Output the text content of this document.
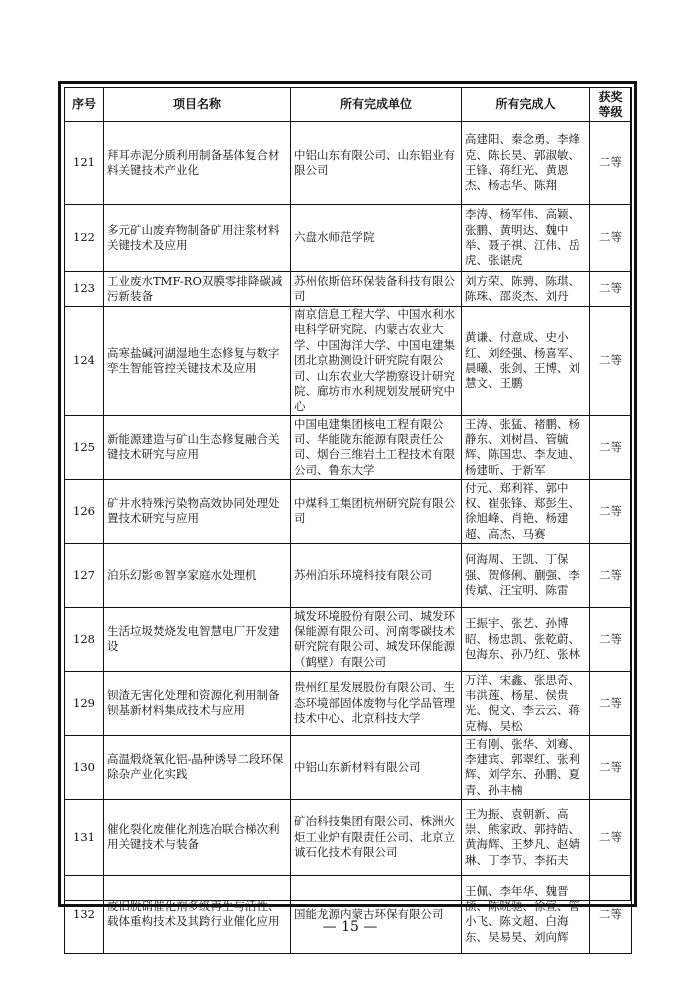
序号	项目名称	所有完成单位	所有完成人	获奖等级
121	拜耳赤泥分质利用制备基体复合材料关键技术产业化	中铝山东有限公司、山东铝业有限公司	高建阳、秦念勇、李烽克、陈长昊、郭淑敏、王锋、蒋红光、黄恩杰、杨志华、陈翔	二等
122	多元矿山废弃物制备矿用注浆材料关键技术及应用	六盘水师范学院	李涛、杨军伟、高颖、张鹏、黄明达、魏中举、聂子祺、江伟、岳虎、张谌虎	二等
123	工业废水TMF-RO双膜零排降碳减污新装备	苏州依斯倍环保装备科技有限公司	刘方荣、陈骋、陈琪、陈珠、邵炎杰、刘丹	二等
124	高寒盐碱河湖湿地生态修复与数字孪生智能管控关键技术及应用	南京信息工程大学、中国水利水电科学研究院、内蒙古农业大学、中国海洋大学、中国电建集团北京勘测设计研究院有限公司、山东农业大学勘察设计研究院、廊坊市水利规划发展研究中心	黄谦、付意成、史小红、刘经强、杨喜军、晨曦、张剑、王博、刘慧文、王鹏	二等
125	新能源建造与矿山生态修复融合关键技术研究与应用	中国电建集团核电工程有限公司、华能陇东能源有限责任公司、烟台三维岩土工程技术有限公司、鲁东大学	王涛、张猛、褚鹏、杨静东、刘树昌、管毓辉、陈国忠、李友迪、杨建昕、于新军	二等
126	矿井水特殊污染物高效协同处理处置技术研究与应用	中煤科工集团杭州研究院有限公司	付元、郑利祥、郭中权、崔张锋、郑彭生、徐旭峰、肖艳、杨建超、高杰、马赛	二等
127	泊乐幻影®智享家庭水处理机	苏州泊乐环境科技有限公司	何海周、王凯、丁保强、贺修俐、蒯强、李传斌、汪宝明、陈雷	二等
128	生活垃圾焚烧发电智慧电厂开发建设	城发环境股份有限公司、城发环保能源有限公司、河南零碳技术研究院有限公司、城发环保能源（鹤壁）有限公司	王振宇、张艺、孙博昭、杨忠凯、张乾蔚、包海东、孙乃红、张林	二等
129	钡渣无害化处理和资源化利用制备钡基新材料集成技术与应用	贵州红星发展股份有限公司、生态环境部固体废物与化学品管理技术中心、北京科技大学	万洋、宋鑫、张思奇、韦洪莲、杨星、侯贵光、倪文、李云云、蒋克梅、吴松	二等
130	高温煅烧氧化铝-晶种诱导二段环保除杂产业化实践	中铝山东新材料有限公司	王有刚、张华、刘骞、李建宾、郭翠红、张利辉、刘学东、孙鹏、夏青、孙丰楠	二等
131	催化裂化废催化剂选冶联合梯次利用关键技术与装备	矿冶科技集团有限公司、株洲火炬工业炉有限责任公司、北京立诚石化技术有限公司	王为振、袁朝新、高崇、熊家政、郭持皓、黄海辉、王梦凡、赵婧琳、丁李节、李拓夫	二等
132	废旧脱硝催化剂多级再生与活性、载体重构技术及其跨行业催化应用	国能龙源内蒙古环保有限公司	王佩、李年华、魏晋颉、陈晓驰、徐宣、管小飞、陈文超、白海东、吴易昊、刘向辉	二等
— 15 —
